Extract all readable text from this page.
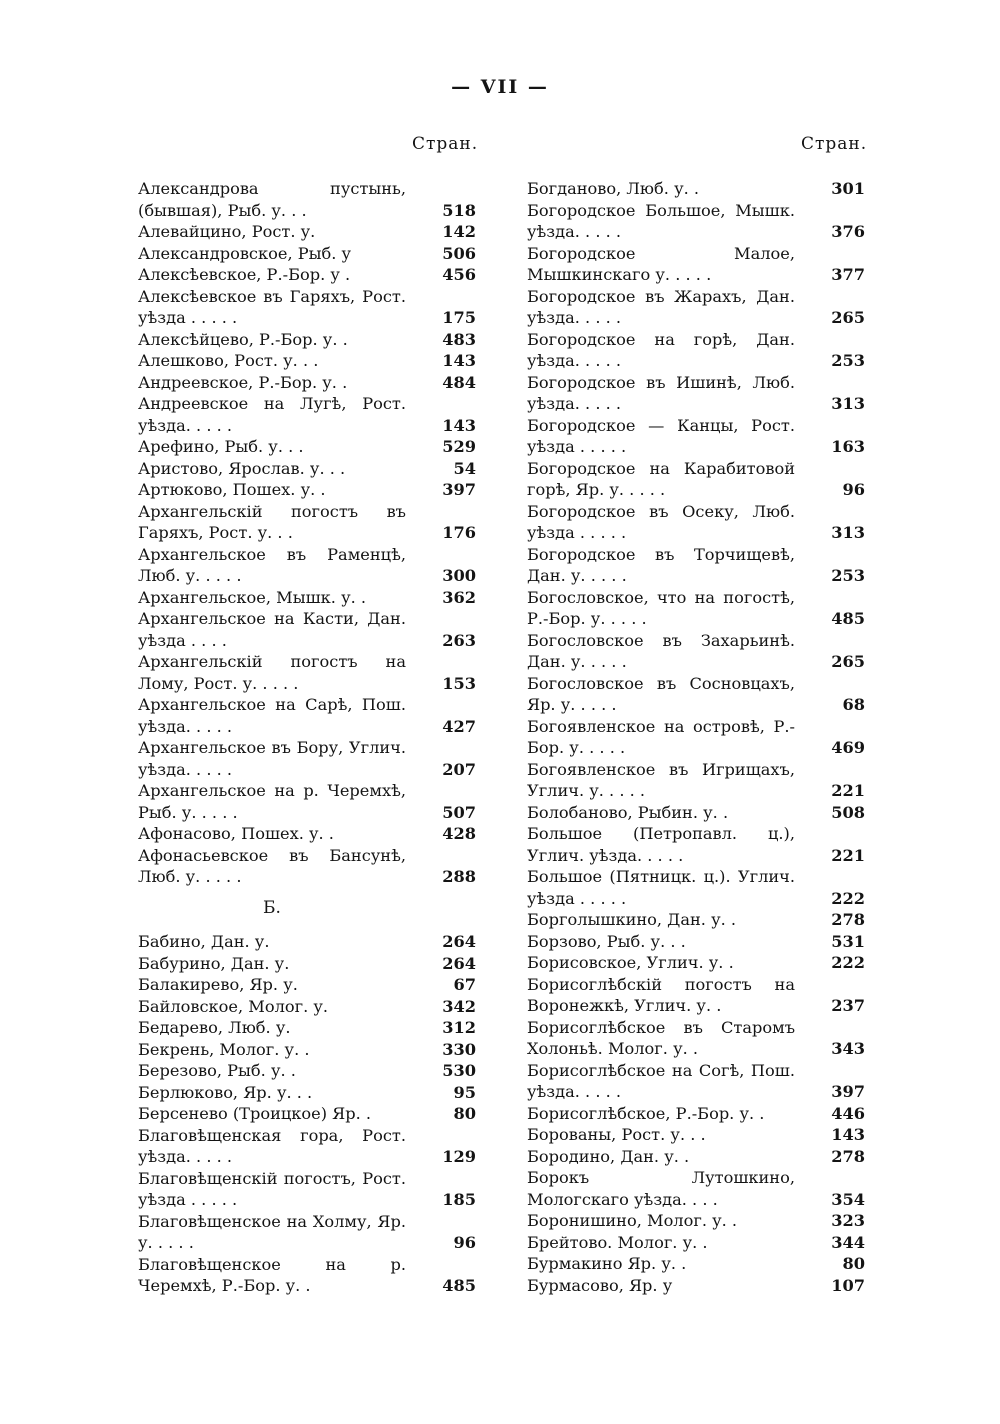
— VII —
Стран.	Стран.
Александрова пустынь, (бывшая), Рыб. у. . .	518
Алевайцино, Рост. у.	142
Александровское, Рыб. у	506
Алексѣевское, Р.-Бор. у .	456
Алексѣевское въ Гаряхъ, Рост. уѣзда . . . . .	175
Алексѣйцево, Р.-Бор. у. .	483
Алешково, Рост. у. . .	143
Андреевское, Р.-Бор. у. .	484
Андреевское на Лугѣ, Рост. уѣзда. . . . .	143
Арефино, Рыб. у. . .	529
Аристово, Ярослав. у. . .	54
Артюково, Пошех. у. .	397
Архангельскій погостъ въ Гаряхъ, Рост. у. . .	176
Архангельское въ Раменцѣ, Люб. у. . . . .	300
Архангельское, Мышк. у. .	362
Архангельское на Касти, Дан. уѣзда . . . .	263
Архангельскій погостъ на Лому, Рост. у. . . . .	153
Архангельское на Сарѣ, Пош. уѣзда. . . . .	427
Архангельское въ Бору, Углич. уѣзда. . . . .	207
Архангельское на р. Черемхѣ, Рыб. у. . . . .	507
Афонасово, Пошех. у. .	428
Афонасьевское въ Бансунѣ, Люб. у. . . . .	288
Б.
Бабино, Дан. у.	264
Бабурино, Дан. у.	264
Балакирево, Яр. у.	67
Байловское, Молог. у.	342
Бедарево, Люб. у.	312
Бекрень, Молог. у. .	330
Березово, Рыб. у. .	530
Берлюково, Яр. у. . .	95
Берсенево (Троицкое) Яр. .	80
Благовѣщенская гора, Рост. уѣзда. . . . .	129
Благовѣщенскій погостъ, Рост. уѣзда . . . . .	185
Благовѣщенское на Холму, Яр. у. . . . .	96
Благовѣщенское на р. Черемхѣ, Р.-Бор. у. .	485
Богданово, Люб. у. .	301
Богородское Большое, Мышк. уѣзда. . . . .	376
Богородское Малое, Мышкинскаго у. . . . .	377
Богородское въ Жарахъ, Дан. уѣзда. . . . .	265
Богородское на горѣ, Дан. уѣзда. . . . .	253
Богородское въ Ишинѣ, Люб. уѣзда. . . . .	313
Богородское — Канцы, Рост. уѣзда . . . . .	163
Богородское на Карабитовой горѣ, Яр. у. . . . .	96
Богородское въ Осеку, Люб. уѣзда . . . . .	313
Богородское въ Торчищевѣ, Дан. у. . . . .	253
Богословское, что на погостѣ, Р.-Бор. у. . . . .	485
Богословское въ Захарьинѣ. Дан. у. . . . .	265
Богословское въ Сосновцахъ, Яр. у. . . . .	68
Богоявленское на островѣ, Р.-Бор. у. . . . .	469
Богоявленское въ Игрищахъ, Углич. у. . . . .	221
Болобаново, Рыбин. у. .	508
Большое (Петропавл. ц.), Углич. уѣзда. . . . .	221
Большое (Пятницк. ц.). Углич. уѣзда . . . . .	222
Борголышкино, Дан. у. .	278
Борзово, Рыб. у. . .	531
Борисовское, Углич. у. .	222
Борисоглѣбскій погостъ на Воронежкѣ, Углич. у. .	237
Борисоглѣбское въ Старомъ Холоньѣ. Молог. у. .	343
Борисоглѣбское на Согѣ, Пош. уѣзда. . . . .	397
Борисоглѣбское, Р.-Бор. у. .	446
Борованы, Рост. у. . .	143
Бородино, Дан. у. .	278
Борокъ Лутошкино, Мологскаго уѣзда. . . .	354
Боронишино, Молог. у. .	323
Брейтово. Молог. у. .	344
Бурмакино Яр. у. .	80
Бурмасово, Яр. у	107
